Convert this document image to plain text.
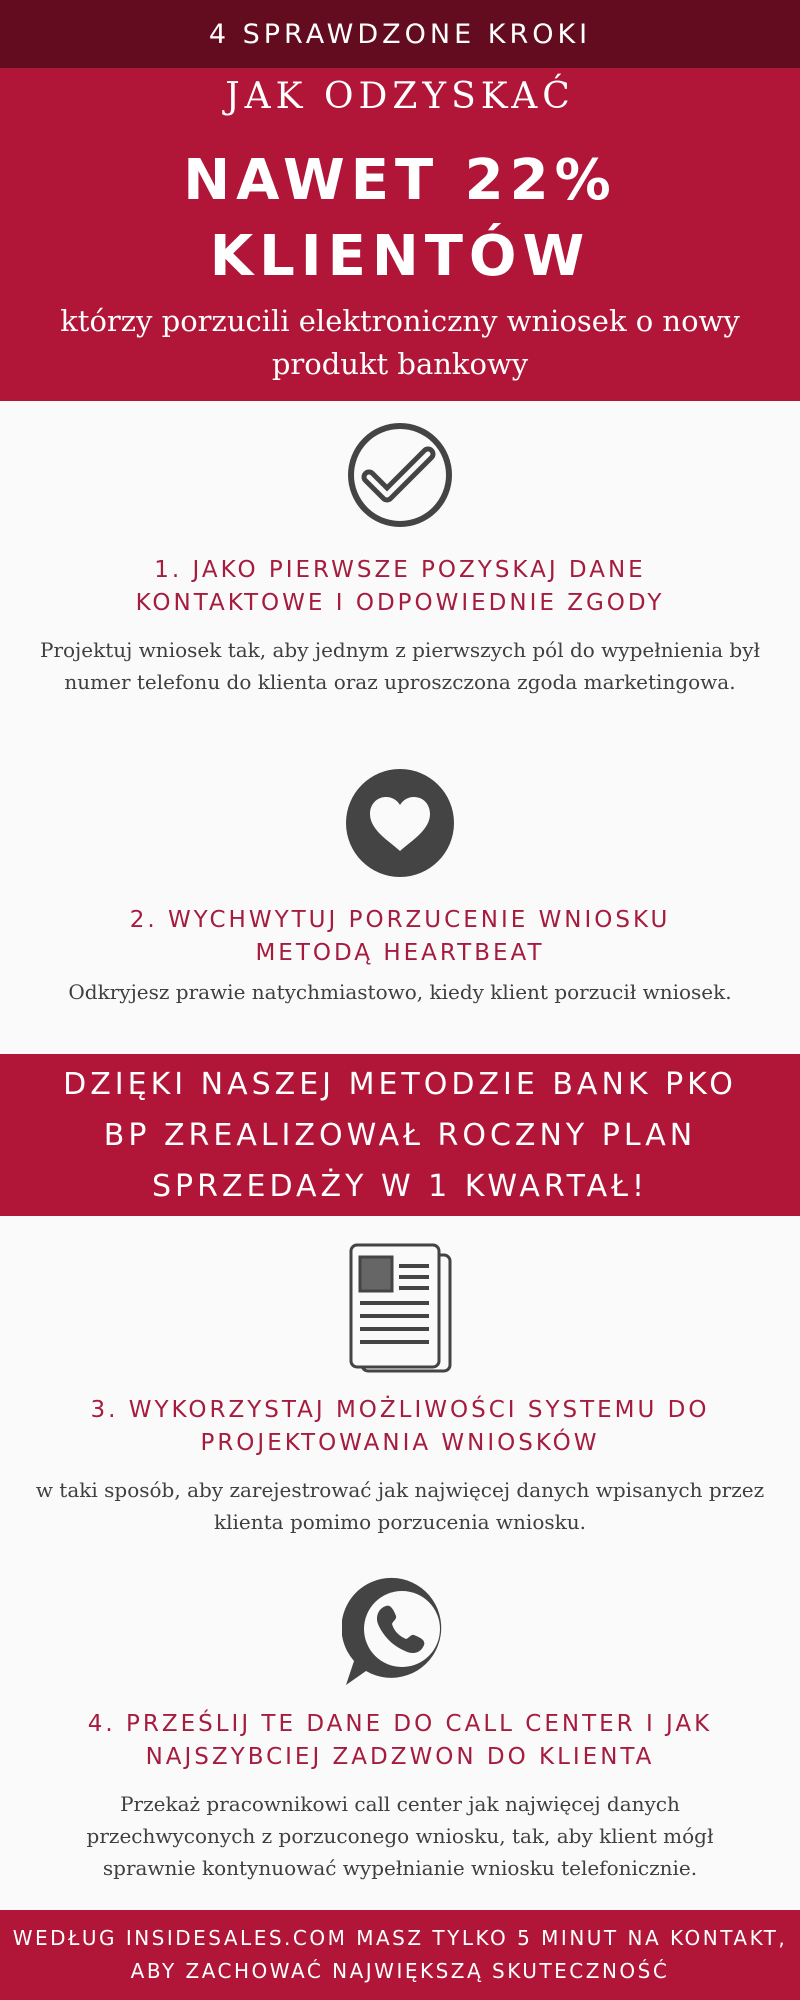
4 SPRAWDZONE KROKI
JAK ODZYSKAĆ
NAWET 22% KLIENTÓW
którzy porzucili elektroniczny wniosek o nowy produkt bankowy
1. JAKO PIERWSZE POZYSKAJ DANE KONTAKTOWE I ODPOWIEDNIE ZGODY
Projektuj wniosek tak, aby jednym z pierwszych pól do wypełnienia był numer telefonu do klienta oraz uproszczona zgoda marketingowa.
2. WYCHWYTUJ PORZUCENIE WNIOSKU METODĄ HEARTBEAT
Odkryjesz prawie natychmiastowo, kiedy klient porzucił wniosek.
DZIĘKI NASZEJ METODZIE BANK PKO BP ZREALIZOWAŁ ROCZNY PLAN SPRZEDAŻY W 1 KWARTAŁ!
3. WYKORZYSTAJ MOŻLIWOŚCI SYSTEMU DO PROJEKTOWANIA WNIOSKÓW
w taki sposób, aby zarejestrować jak najwięcej danych wpisanych przez klienta pomimo porzucenia wniosku.
4. PRZEŚLIJ TE DANE DO CALL CENTER I JAK NAJSZYBCIEJ ZADZWON DO KLIENTA
Przekaż pracownikowi call center jak najwięcej danych przechwyconych z porzuconego wniosku, tak, aby klient mógł sprawnie kontynuować wypełnianie wniosku telefonicznie.
WEDŁUG INSIDESALES.COM MASZ TYLKO 5 MINUT NA KONTAKT, ABY ZACHOWAĆ NAJWIĘKSZĄ SKUTECZNOŚĆ
